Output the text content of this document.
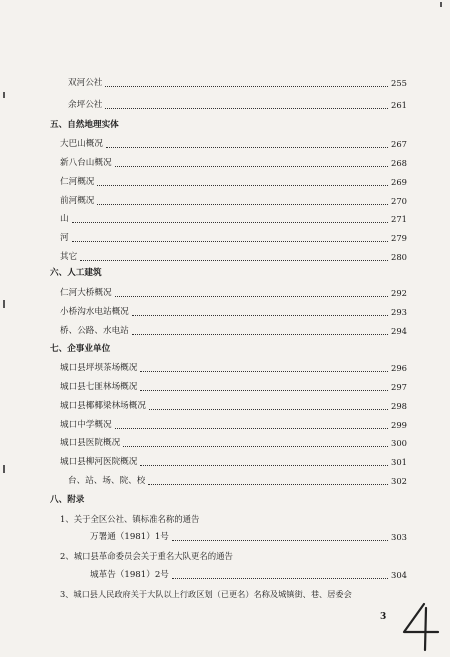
双河公社	255
余坪公社	261
五、自然地理实体
大巴山概况	267
新八台山概况	268
仁河概况	269
前河概况	270
山	271
河	279
其它	280
六、人工建筑
仁河大桥概况	292
小桥沟水电站概况	293
桥、公路、水电站	294
七、企事业单位
城口县坪坝茶场概况	296
城口县七匪林场概况	297
城口县椰椰梁林场概况	298
城口中学概况	299
城口县医院概况	300
城口县柳河医院概况	301
台、站、场、院、校	302
八、附录
1、关于全区公社、镇标准名称的通告
万署通（1981）1号	303
2、城口县革命委员会关于重名大队更名的通告
城革告（1981）2号	304
3、城口县人民政府关于大队以上行政区划（已更名）名称及城镇街、巷、居委会
3
4
